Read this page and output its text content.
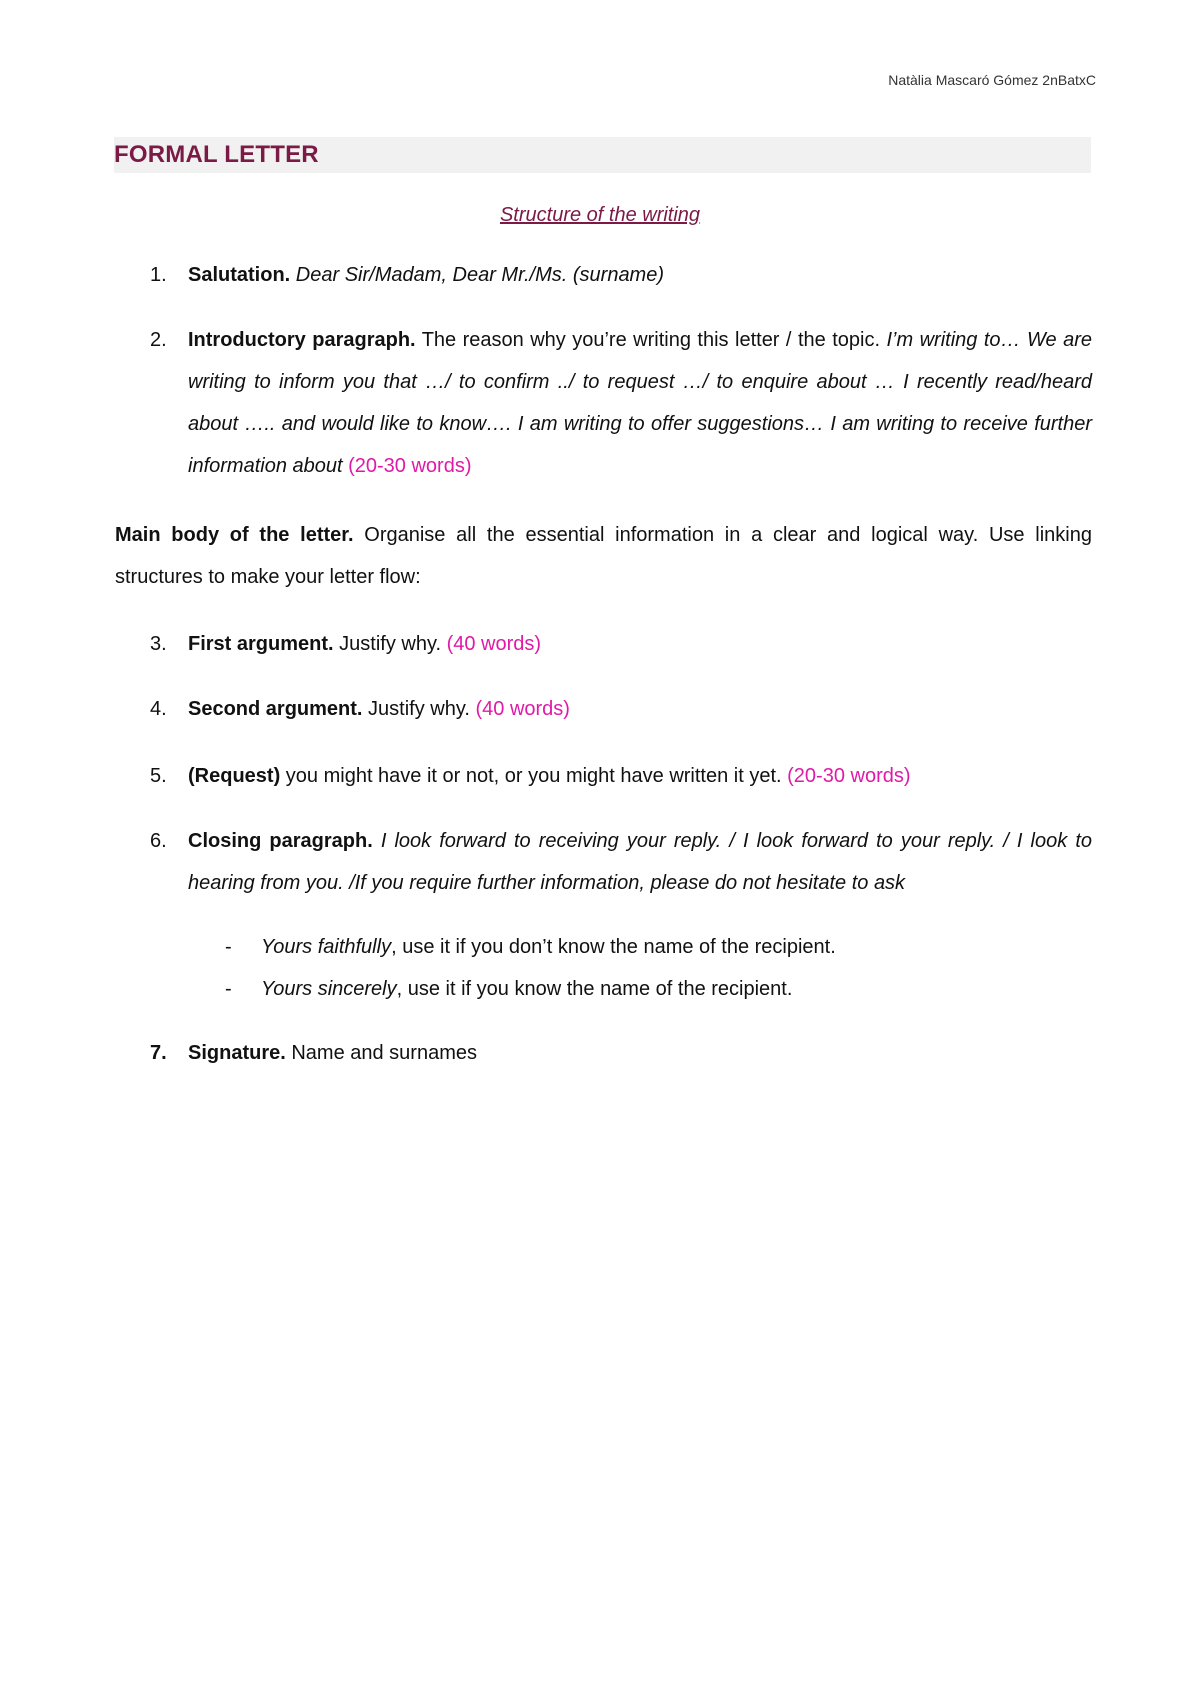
Natàlia Mascaró Gómez 2nBatxC
FORMAL LETTER
Structure of the writing
1. Salutation. Dear Sir/Madam, Dear Mr./Ms. (surname)
2. Introductory paragraph. The reason why you’re writing this letter / the topic. I’m writing to… We are writing to inform you that …/ to confirm ../ to request …/ to enquire about … I recently read/heard about ….. and would like to know…. I am writing to offer suggestions… I am writing to receive further information about (20-30 words)
Main body of the letter. Organise all the essential information in a clear and logical way. Use linking structures to make your letter flow:
3. First argument. Justify why. (40 words)
4. Second argument. Justify why. (40 words)
5. (Request) you might have it or not, or you might have written it yet. (20-30 words)
6. Closing paragraph. I look forward to receiving your reply. / I look forward to your reply. / I look to hearing from you. /If you require further information, please do not hesitate to ask
- Yours faithfully, use it if you don’t know the name of the recipient.
- Yours sincerely, use it if you know the name of the recipient.
7. Signature. Name and surnames
